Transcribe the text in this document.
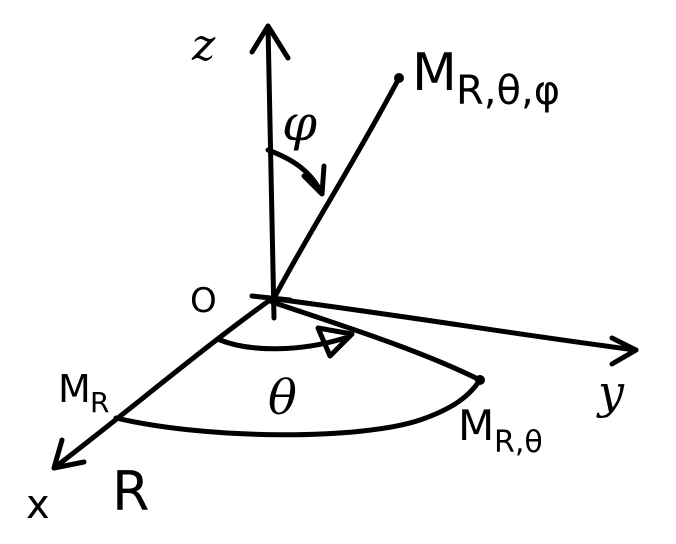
z
φ
O
y
θ
x R
M R	M R,θ
M R,θ,φ
